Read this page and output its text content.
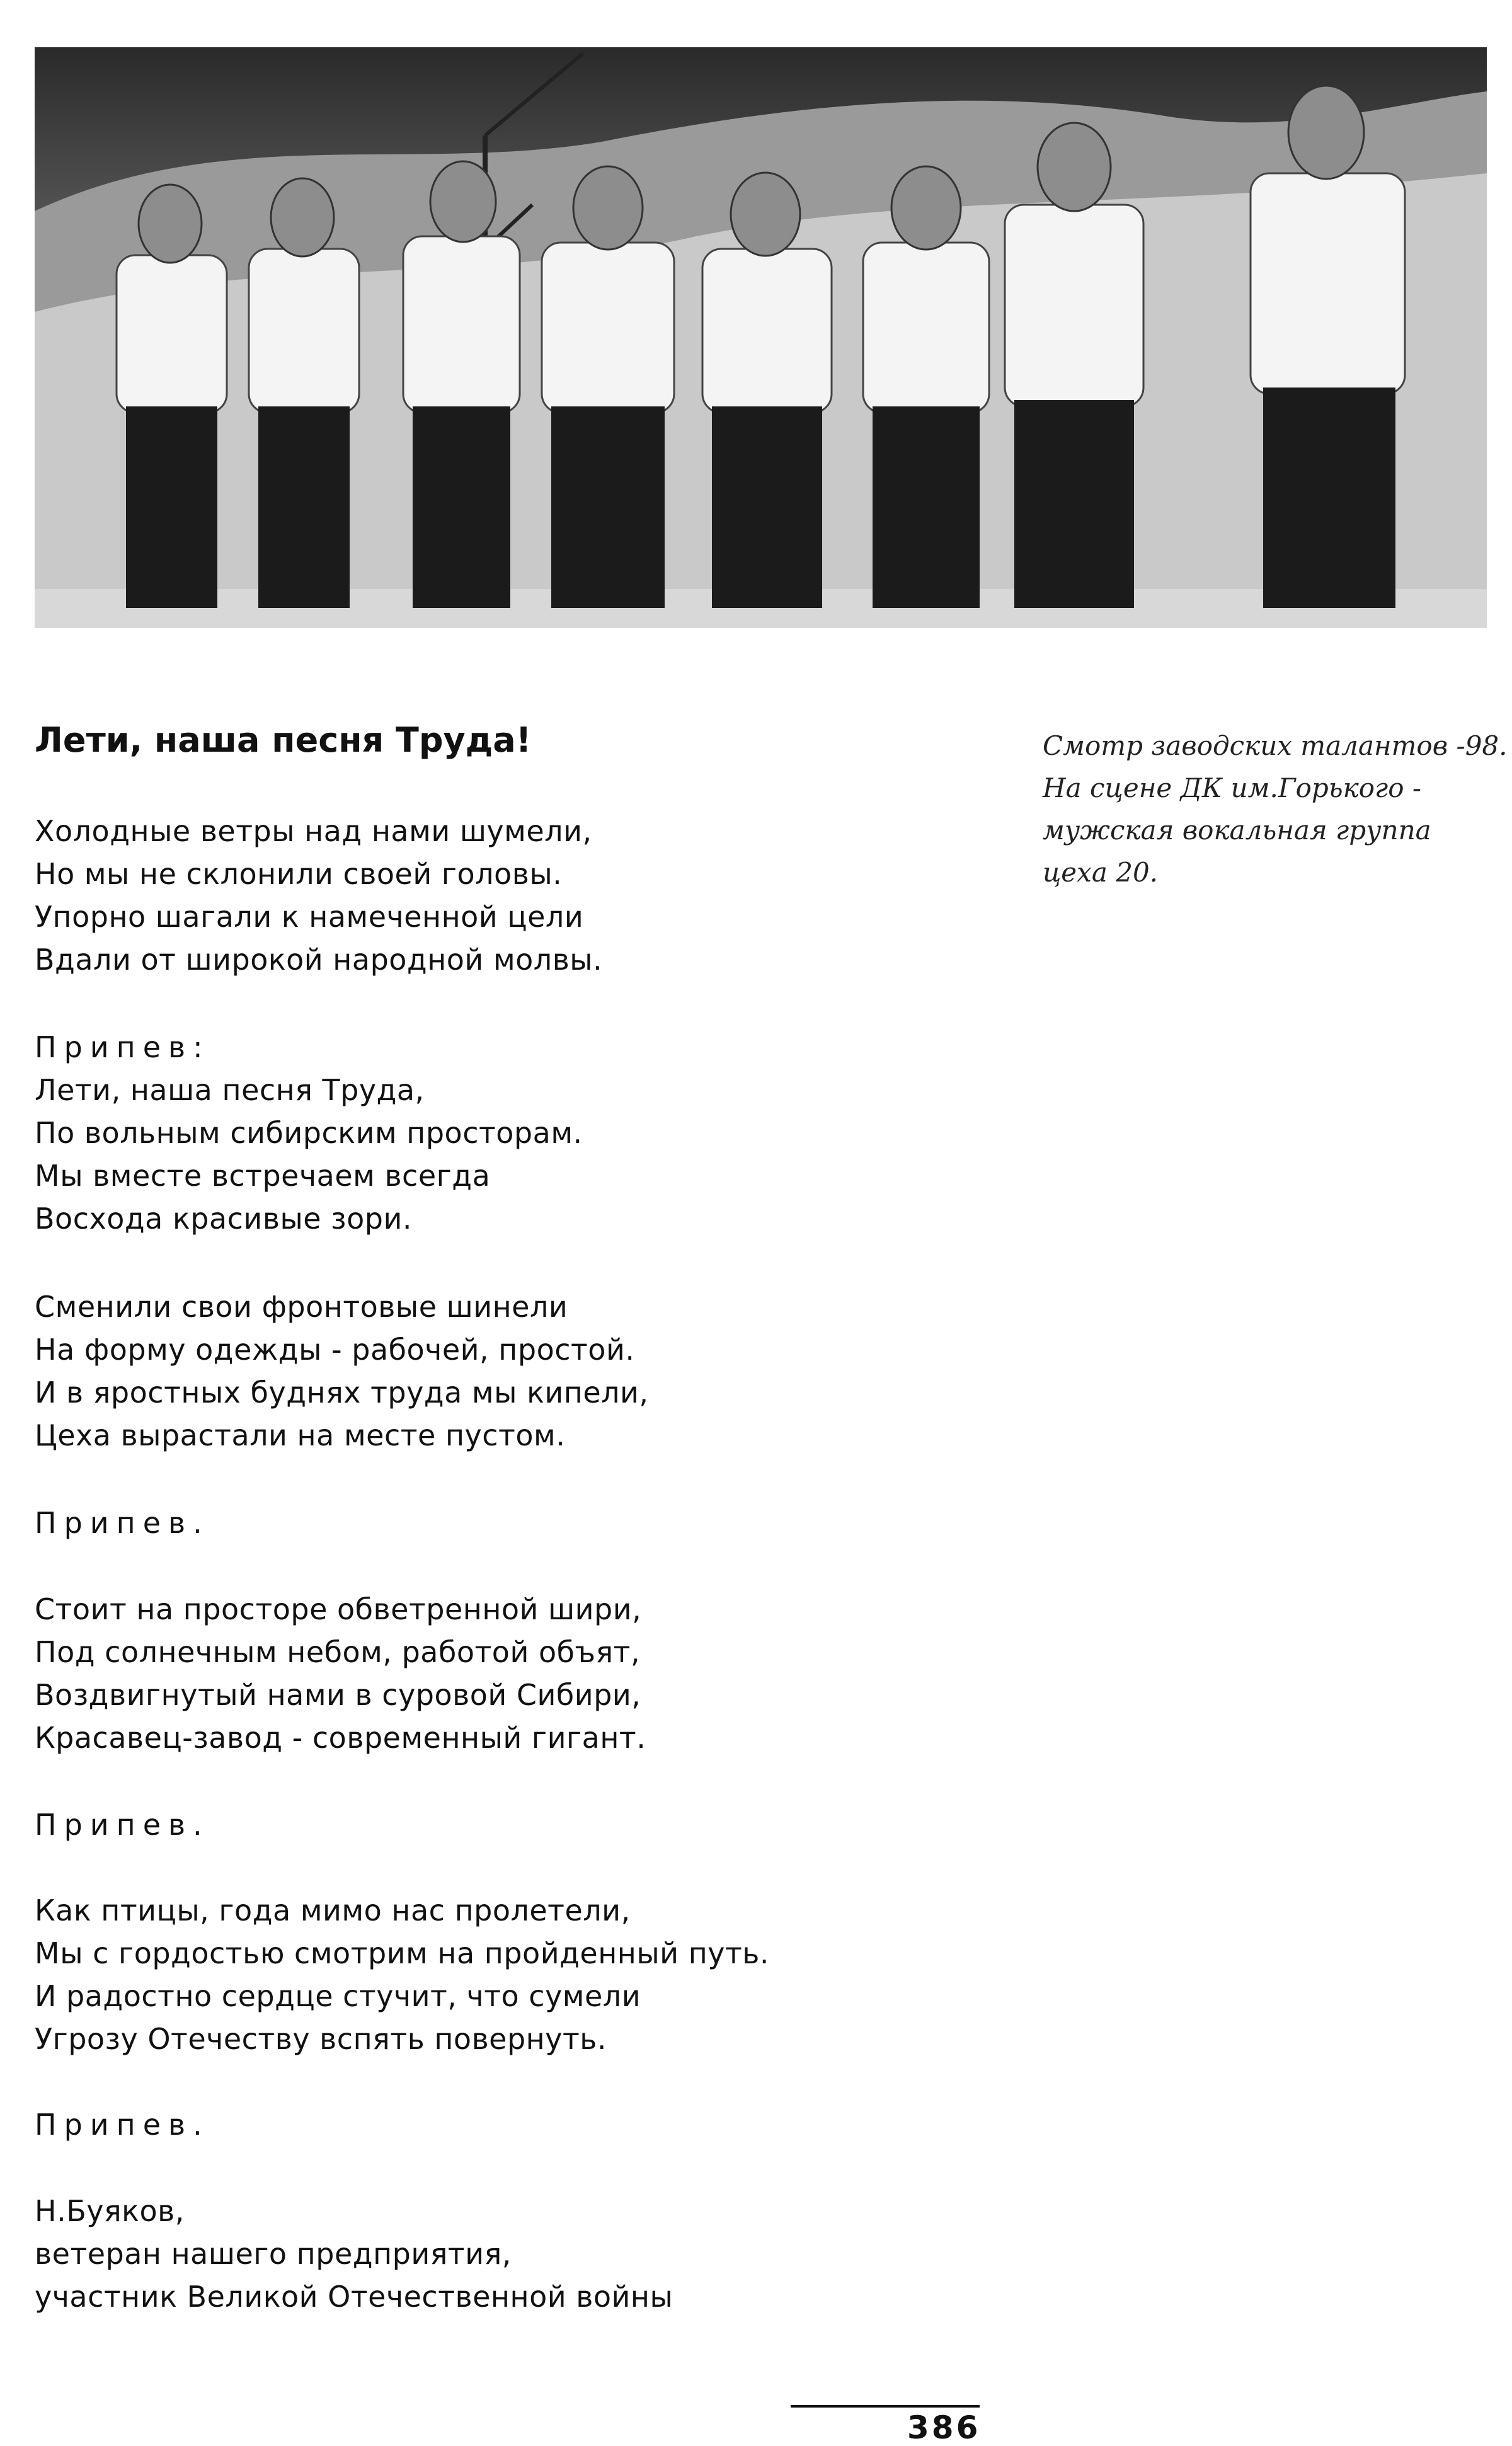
Смотр заводских талантов -98.
На сцене ДК им.Горького -
мужская вокальная группа
цеха 20.
Лети, наша песня Труда!
Холодные ветры над нами шумели,
Но мы не склонили своей головы.
Упорно шагали к намеченной цели
Вдали от широкой народной молвы.
Припев:
Лети, наша песня Труда,
По вольным сибирским просторам.
Мы вместе встречаем всегда
Восхода красивые зори.
Сменили свои фронтовые шинели
На форму одежды - рабочей, простой.
И в яростных буднях труда мы кипели,
Цеха вырастали на месте пустом.
Припев.
Стоит на просторе обветренной шири,
Под солнечным небом, работой объят,
Воздвигнутый нами в суровой Сибири,
Красавец-завод - современный гигант.
Припев.
Как птицы, года мимо нас пролетели,
Мы с гордостью смотрим на пройденный путь.
И радостно сердце стучит, что сумели
Угрозу Отечеству вспять повернуть.
Припев.
Н.Буяков,
ветеран нашего предприятия,
участник Великой Отечественной войны
386
